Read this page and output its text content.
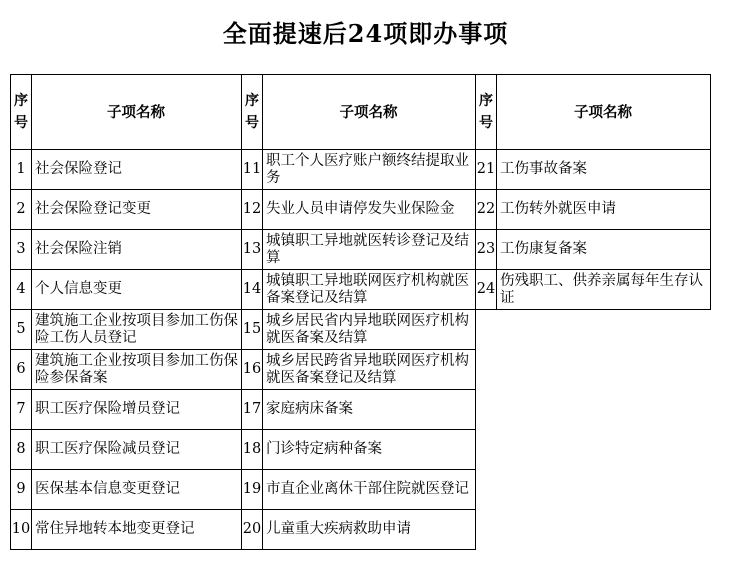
全面提速后24项即办事项
序号	子项名称	序号	子项名称	序号	子项名称
1	社会保险登记	11	职工个人医疗账户额终结提取业务	21	工伤事故备案
2	社会保险登记变更	12	失业人员申请停发失业保险金	22	工伤转外就医申请
3	社会保险注销	13	城镇职工异地就医转诊登记及结算	23	工伤康复备案
4	个人信息变更	14	城镇职工异地联网医疗机构就医备案登记及结算	24	伤残职工、供养亲属每年生存认证
5	建筑施工企业按项目参加工伤保险工伤人员登记	15	城乡居民省内异地联网医疗机构就医备案及结算		
6	建筑施工企业按项目参加工伤保险参保备案	16	城乡居民跨省异地联网医疗机构就医备案登记及结算		
7	职工医疗保险增员登记	17	家庭病床备案		
8	职工医疗保险减员登记	18	门诊特定病种备案		
9	医保基本信息变更登记	19	市直企业离休干部住院就医登记		
10	常住异地转本地变更登记	20	儿童重大疾病救助申请		
